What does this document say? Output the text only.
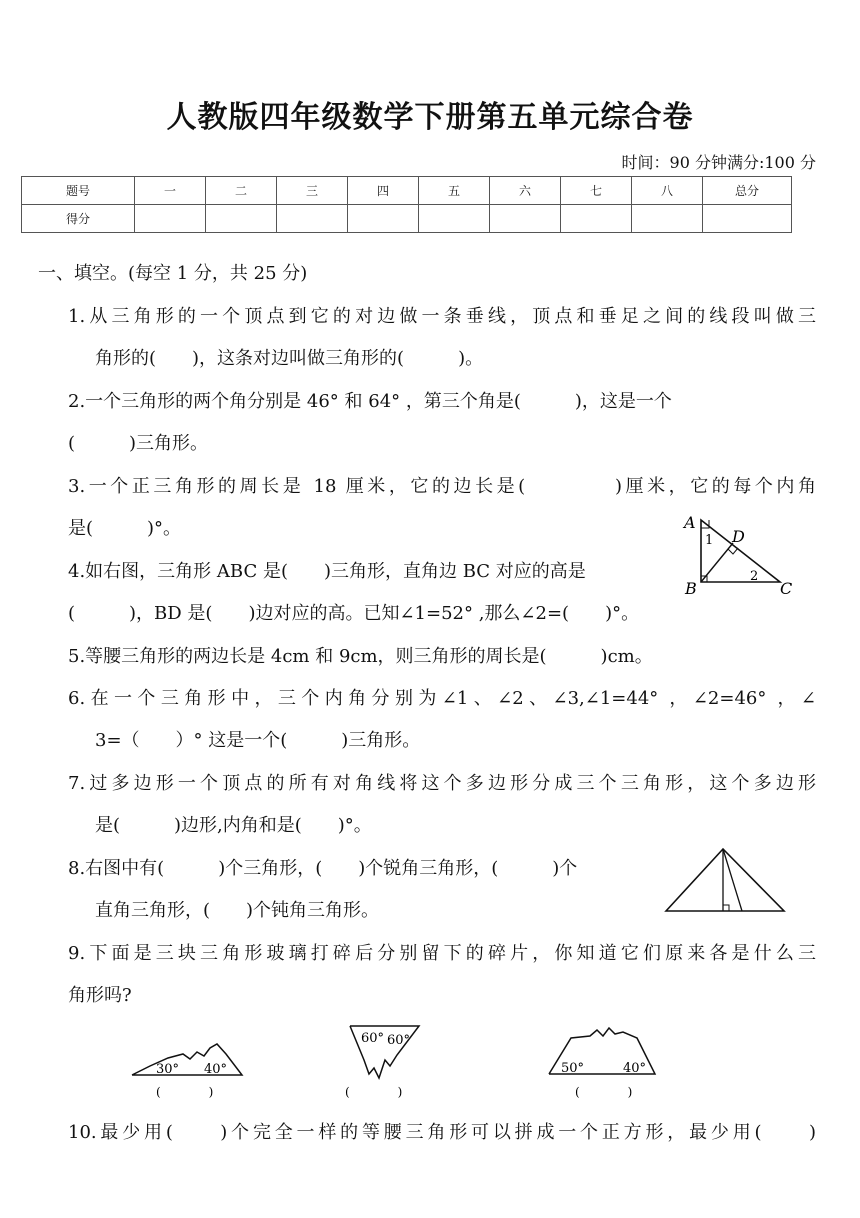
人教版四年级数学下册第五单元综合卷
时间：90 分钟满分:100 分
题号	一	二	三	四	五	六	七	八	总分
得分									
一、填空。(每空 1 分，共 25 分)
1.从三角形的一个顶点到它的对边做一条垂线，顶点和垂足之间的线段叫做三
角形的(　　)，这条对边叫做三角形的(　　　)。
2.一个三角形的两个角分别是 46° 和 64° ，第三个角是(　　　)，这是一个
(　　　)三角形。
3.一个正三角形的周长是 18 厘米，它的边长是(　　　　)厘米，它的每个内角
是(　　　)°。
4.如右图，三角形 ABC 是(　　)三角形，直角边 BC 对应的高是
(　　　)，BD 是(　　)边对应的高。已知∠1=52° ,那么∠2=(　　)°。
A
B	C
D
1
2
5.等腰三角形的两边长是 4cm 和 9cm，则三角形的周长是(　　　)cm。
6.在一个三角形中，三个内角分别为∠1、∠2、∠3,∠1=44° ，∠2=46° ，∠
3=（　　）° 这是一个(　　　)三角形。
7.过多边形一个顶点的所有对角线将这个多边形分成三个三角形，这个多边形
是(　　　)边形,内角和是(　　)°。
8.右图中有(　　　)个三角形，(　　)个锐角三角形，(　　　)个
直角三角形，(　　)个钝角三角形。
9.下面是三块三角形玻璃打碎后分别留下的碎片，你知道它们原来各是什么三
角形吗?
30° 40°
(　　　　)
60° 60°
(　　　　)
50°	40°
(　　　　)
10.最少用(　　)个完全一样的等腰三角形可以拼成一个正方形，最少用(　　)
